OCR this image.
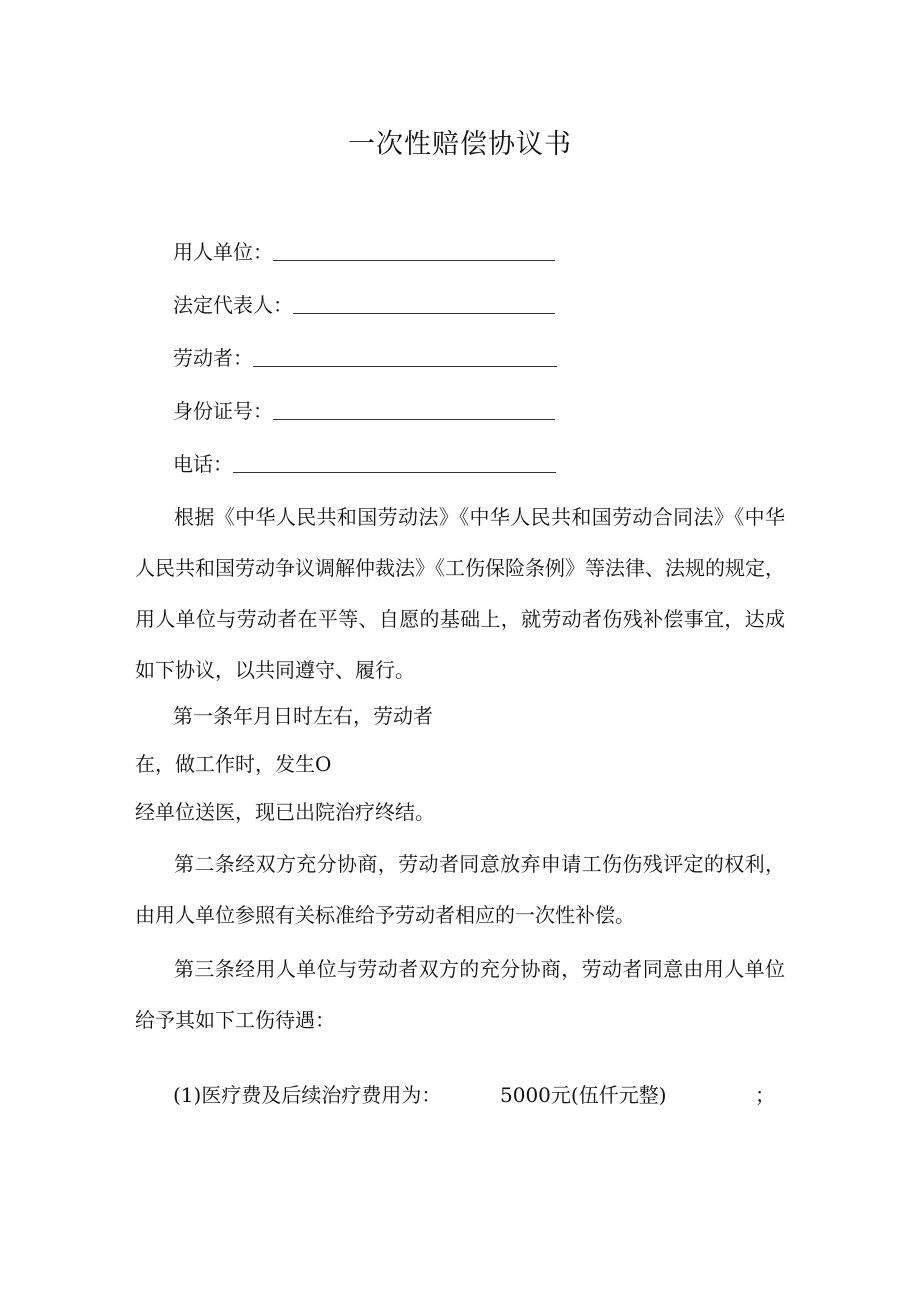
一次性赔偿协议书
用人单位：
法定代表人：
劳动者：
身份证号：
电话：

根据《中华人民共和国劳动法》《中华人民共和国劳动合同法》《中华人民共和国劳动争议调解仲裁法》《工伤保险条例》等法律、法规的规定，用人单位与劳动者在平等、自愿的基础上，就劳动者伤残补偿事宜，达成如下协议，以共同遵守、履行。

第一条年月日时左右，劳动者
在，做工作时，发生O
经单位送医，现已出院治疗终结。

第二条经双方充分协商，劳动者同意放弃申请工伤伤残评定的权利，由用人单位参照有关标准给予劳动者相应的一次性补偿。

第三条经用人单位与劳动者双方的充分协商，劳动者同意由用人单位给予其如下工伤待遇：

(1)医疗费及后续治疗费用为：	5000元(伍仟元整)	；
